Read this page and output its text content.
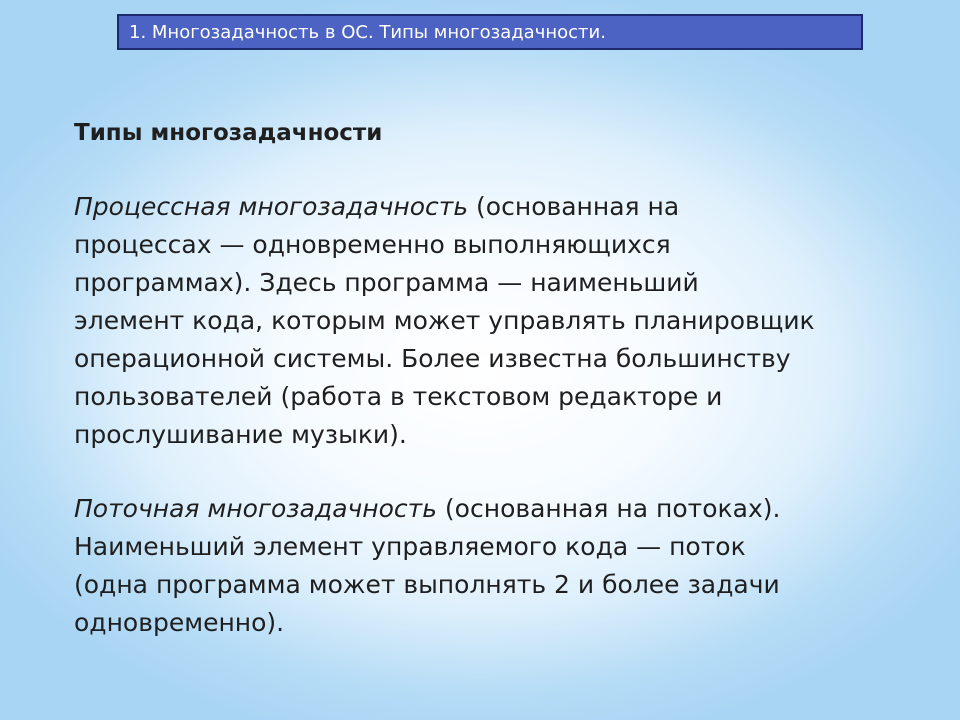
1. Многозадачность в ОС. Типы многозадачности.
Типы многозадачности
Процессная многозадачность (основанная на
процессах — одновременно выполняющихся
программах). Здесь программа — наименьший
элемент кода, которым может управлять планировщик
операционной системы. Более известна большинству
пользователей (работа в текстовом редакторе и
прослушивание музыки).
Поточная многозадачность (основанная на потоках).
Наименьший элемент управляемого кода — поток
(одна программа может выполнять 2 и более задачи
одновременно).
